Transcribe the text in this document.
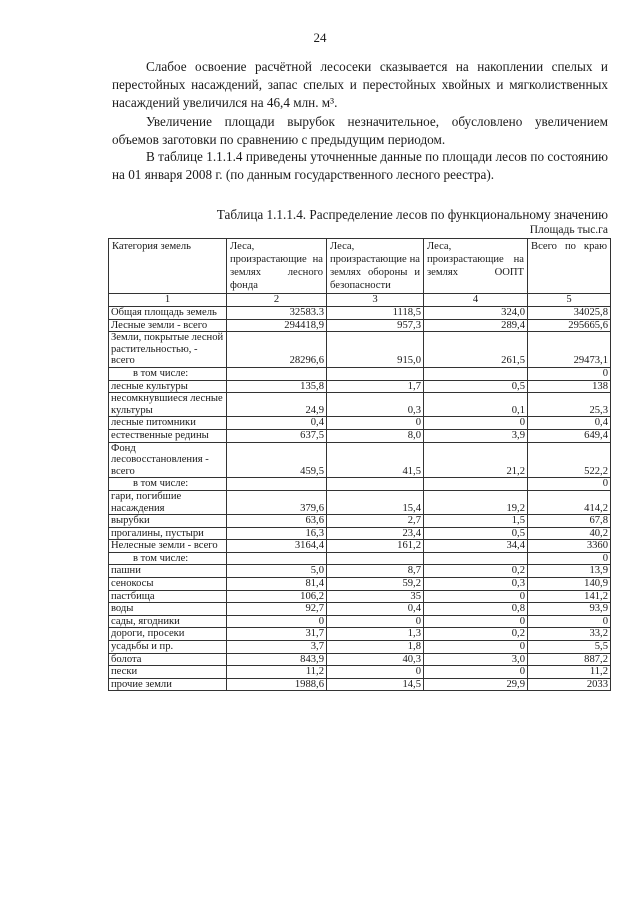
24

Слабое освоение расчётной лесосеки сказывается на накоплении спелых и перестойных насаждений, запас спелых и перестойных хвойных и мягколиственных насаждений увеличился на 46,4 млн. м³.

Увеличение площади вырубок незначительное, обусловлено увеличением объемов заготовки по сравнению с предыдущим периодом.

В таблице 1.1.1.4 приведены уточненные данные по площади лесов по состоянию на 01 января 2008 г. (по данным государственного лесного реестра).

Таблица 1.1.1.4. Распределение лесов по функциональному значению
Площадь тыс.га
Категория земель	Леса, произрастающие на землях лесного фонда	Леса, произрастающие на землях обороны и безопасности	Леса, произрастающие на землях ООПТ	Всего по краю
1	2	3	4	5
Общая площадь земель	32583.3	1118,5	324,0	34025,8
Лесные земли - всего	294418,9	957,3	289,4	295665,6
Земли, покрытые лесной растительностью, - всего	28296,6	915,0	261,5	29473,1
в том числе:				0
лесные культуры	135,8	1,7	0,5	138
несомкнувшиеся лесные культуры	24,9	0,3	0,1	25,3
лесные питомники	0,4	0	0	0,4
естественные редины	637,5	8,0	3,9	649,4
Фонд лесовосстановления - всего	459,5	41,5	21,2	522,2
в том числе:				0
гари, погибшие насаждения	379,6	15,4	19,2	414,2
вырубки	63,6	2,7	1,5	67,8
прогалины, пустыри	16,3	23,4	0,5	40,2
Нелесные земли - всего	3164,4	161,2	34,4	3360
в том числе:				0
пашни	5,0	8,7	0,2	13,9
сенокосы	81,4	59,2	0,3	140,9
пастбища	106,2	35	0	141,2
воды	92,7	0,4	0,8	93,9
сады, ягодники	0	0	0	0
дороги, просеки	31,7	1,3	0,2	33,2
усадьбы и пр.	3,7	1,8	0	5,5
болота	843,9	40,3	3,0	887,2
пески	11,2	0	0	11,2
прочие земли	1988,6	14,5	29,9	2033
